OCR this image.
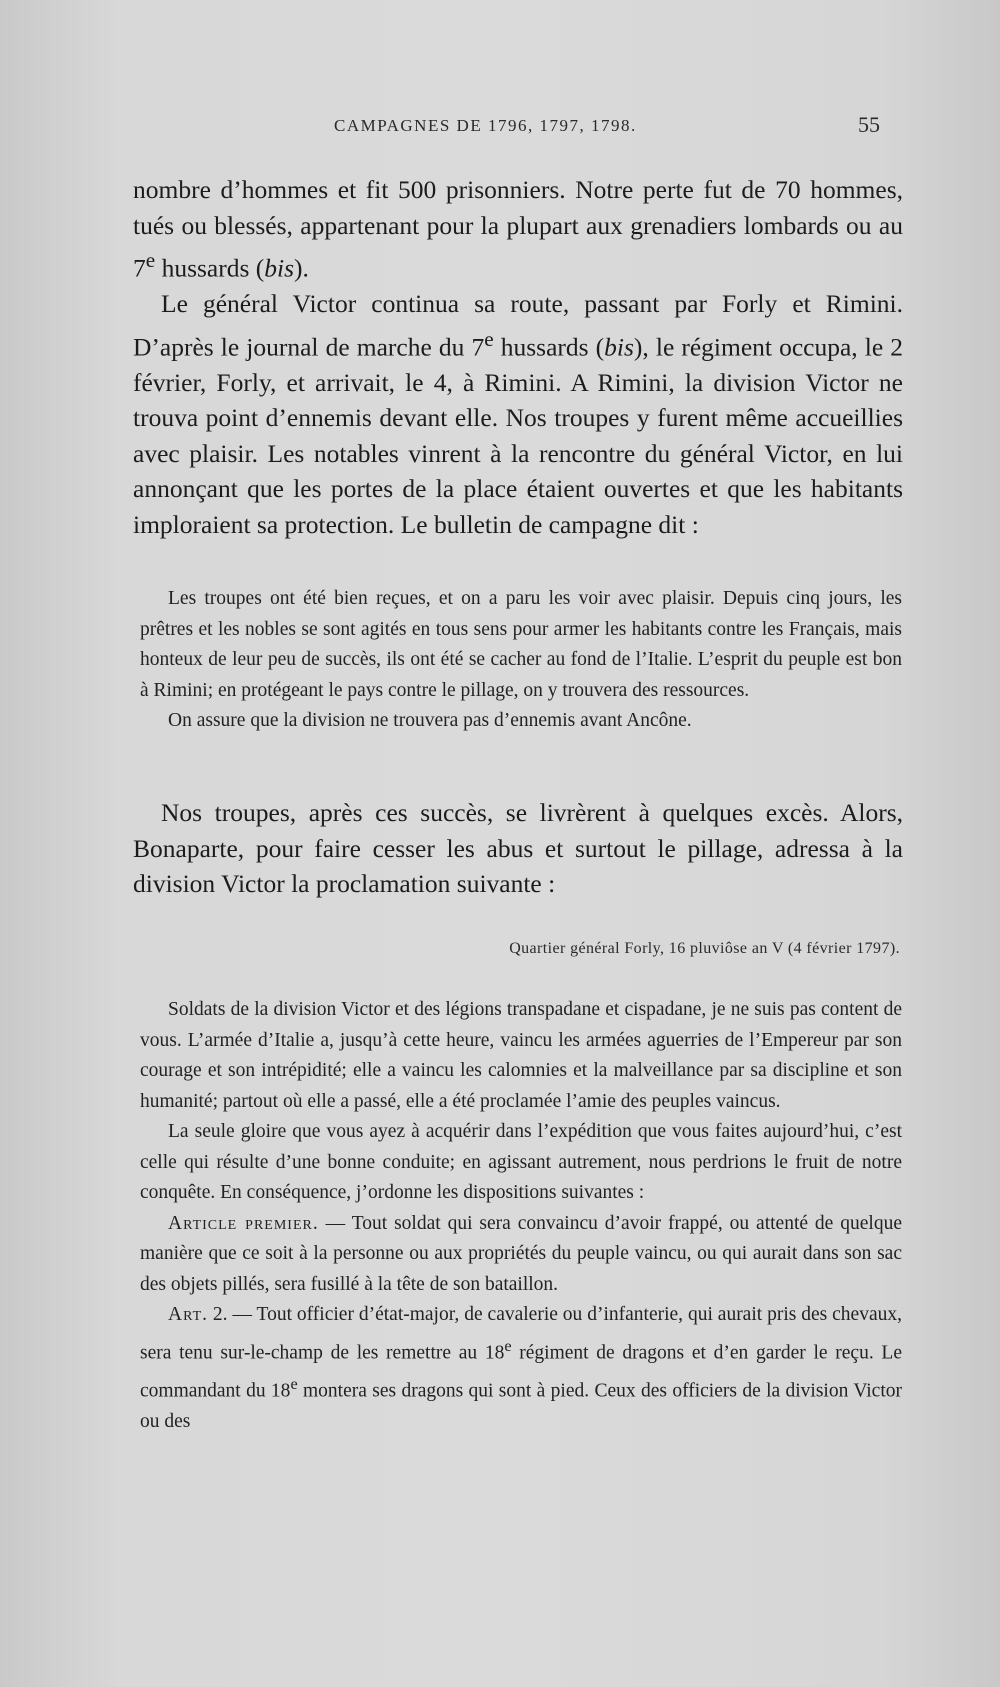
CAMPAGNES DE 1796, 1797, 1798.	55

nombre d’hommes et fit 500 prisonniers. Notre perte fut de 70 hommes, tués ou blessés, appartenant pour la plupart aux grenadiers lombards ou au 7e hussards (bis).

Le général Victor continua sa route, passant par Forly et Rimini. D’après le journal de marche du 7e hussards (bis), le régiment occupa, le 2 février, Forly, et arrivait, le 4, à Rimini. A Rimini, la division Victor ne trouva point d’ennemis devant elle. Nos troupes y furent même accueillies avec plaisir. Les notables vinrent à la rencontre du général Victor, en lui annonçant que les portes de la place étaient ouvertes et que les habitants imploraient sa protection. Le bulletin de campagne dit :

Les troupes ont été bien reçues, et on a paru les voir avec plaisir. Depuis cinq jours, les prêtres et les nobles se sont agités en tous sens pour armer les habitants contre les Français, mais honteux de leur peu de succès, ils ont été se cacher au fond de l’Italie. L’esprit du peuple est bon à Rimini; en protégeant le pays contre le pillage, on y trouvera des ressources.

On assure que la division ne trouvera pas d’ennemis avant Ancône.

Nos troupes, après ces succès, se livrèrent à quelques excès. Alors, Bonaparte, pour faire cesser les abus et surtout le pillage, adressa à la division Victor la proclamation suivante :

Quartier général Forly, 16 pluviôse an V (4 février 1797).

Soldats de la division Victor et des légions transpadane et cispadane, je ne suis pas content de vous. L’armée d’Italie a, jusqu’à cette heure, vaincu les armées aguerries de l’Empereur par son courage et son intrépidité; elle a vaincu les calomnies et la malveillance par sa discipline et son humanité; partout où elle a passé, elle a été proclamée l’amie des peuples vaincus.

La seule gloire que vous ayez à acquérir dans l’expédition que vous faites aujourd’hui, c’est celle qui résulte d’une bonne conduite; en agissant autrement, nous perdrions le fruit de notre conquête. En conséquence, j’ordonne les dispositions suivantes :

Article premier. — Tout soldat qui sera convaincu d’avoir frappé, ou attenté de quelque manière que ce soit à la personne ou aux propriétés du peuple vaincu, ou qui aurait dans son sac des objets pillés, sera fusillé à la tête de son bataillon.

Art. 2. — Tout officier d’état-major, de cavalerie ou d’infanterie, qui aurait pris des chevaux, sera tenu sur-le-champ de les remettre au 18e régiment de dragons et d’en garder le reçu. Le commandant du 18e montera ses dragons qui sont à pied. Ceux des officiers de la division Victor ou des
